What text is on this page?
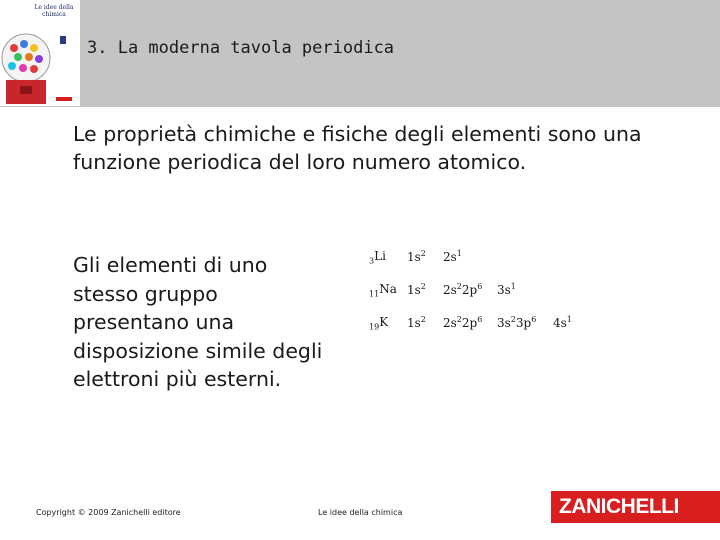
Le idee della chimica
3. La moderna tavola periodica
Le proprietà chimiche e fisiche degli elementi sono una funzione periodica del loro numero atomico.
Gli elementi di uno stesso gruppo presentano una disposizione simile degli elettroni più esterni.
$_3$Li $1s^2$ $2s^1$
$_{11}$Na $1s^2$ $2s^22p^6$ $3s^1$
$_{19}$K $1s^2$ $2s^22p^6$ $3s^23p^6$ $4s^1$
Copyright © 2009 Zanichelli editore	Le idee della chimica	ZANICHELLI
